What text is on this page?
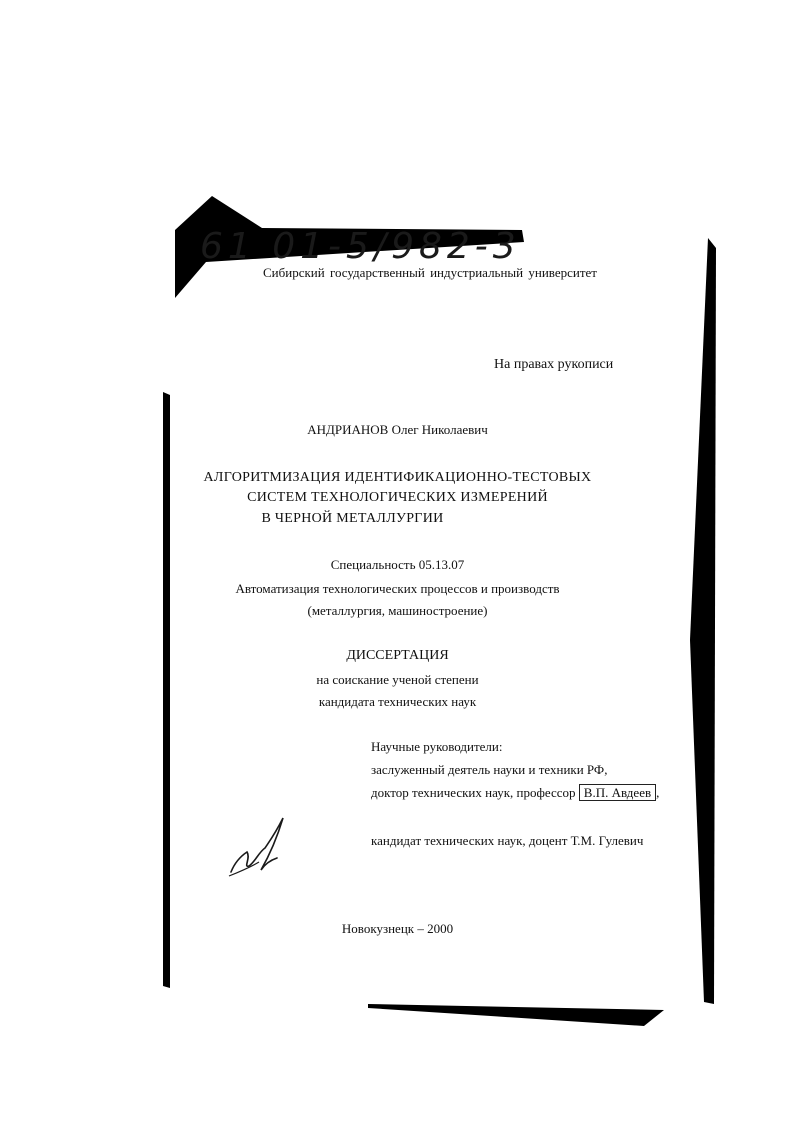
61 01-5/982-3
Сибирский государственный индустриальный университет
На правах рукописи
АНДРИАНОВ Олег Николаевич
АЛГОРИТМИЗАЦИЯ ИДЕНТИФИКАЦИОННО-ТЕСТОВЫХ
СИСТЕМ ТЕХНОЛОГИЧЕСКИХ ИЗМЕРЕНИЙ
В ЧЕРНОЙ МЕТАЛЛУРГИИ
Специальность 05.13.07
Автоматизация технологических процессов и производств
(металлургия, машиностроение)
ДИССЕРТАЦИЯ
на соискание ученой степени
кандидата технических наук
Научные руководители:
заслуженный деятель науки и техники РФ,
доктор технических наук, профессор В.П. Авдеев ,
кандидат технических наук, доцент Т.М. Гулевич
Новокузнецк – 2000
